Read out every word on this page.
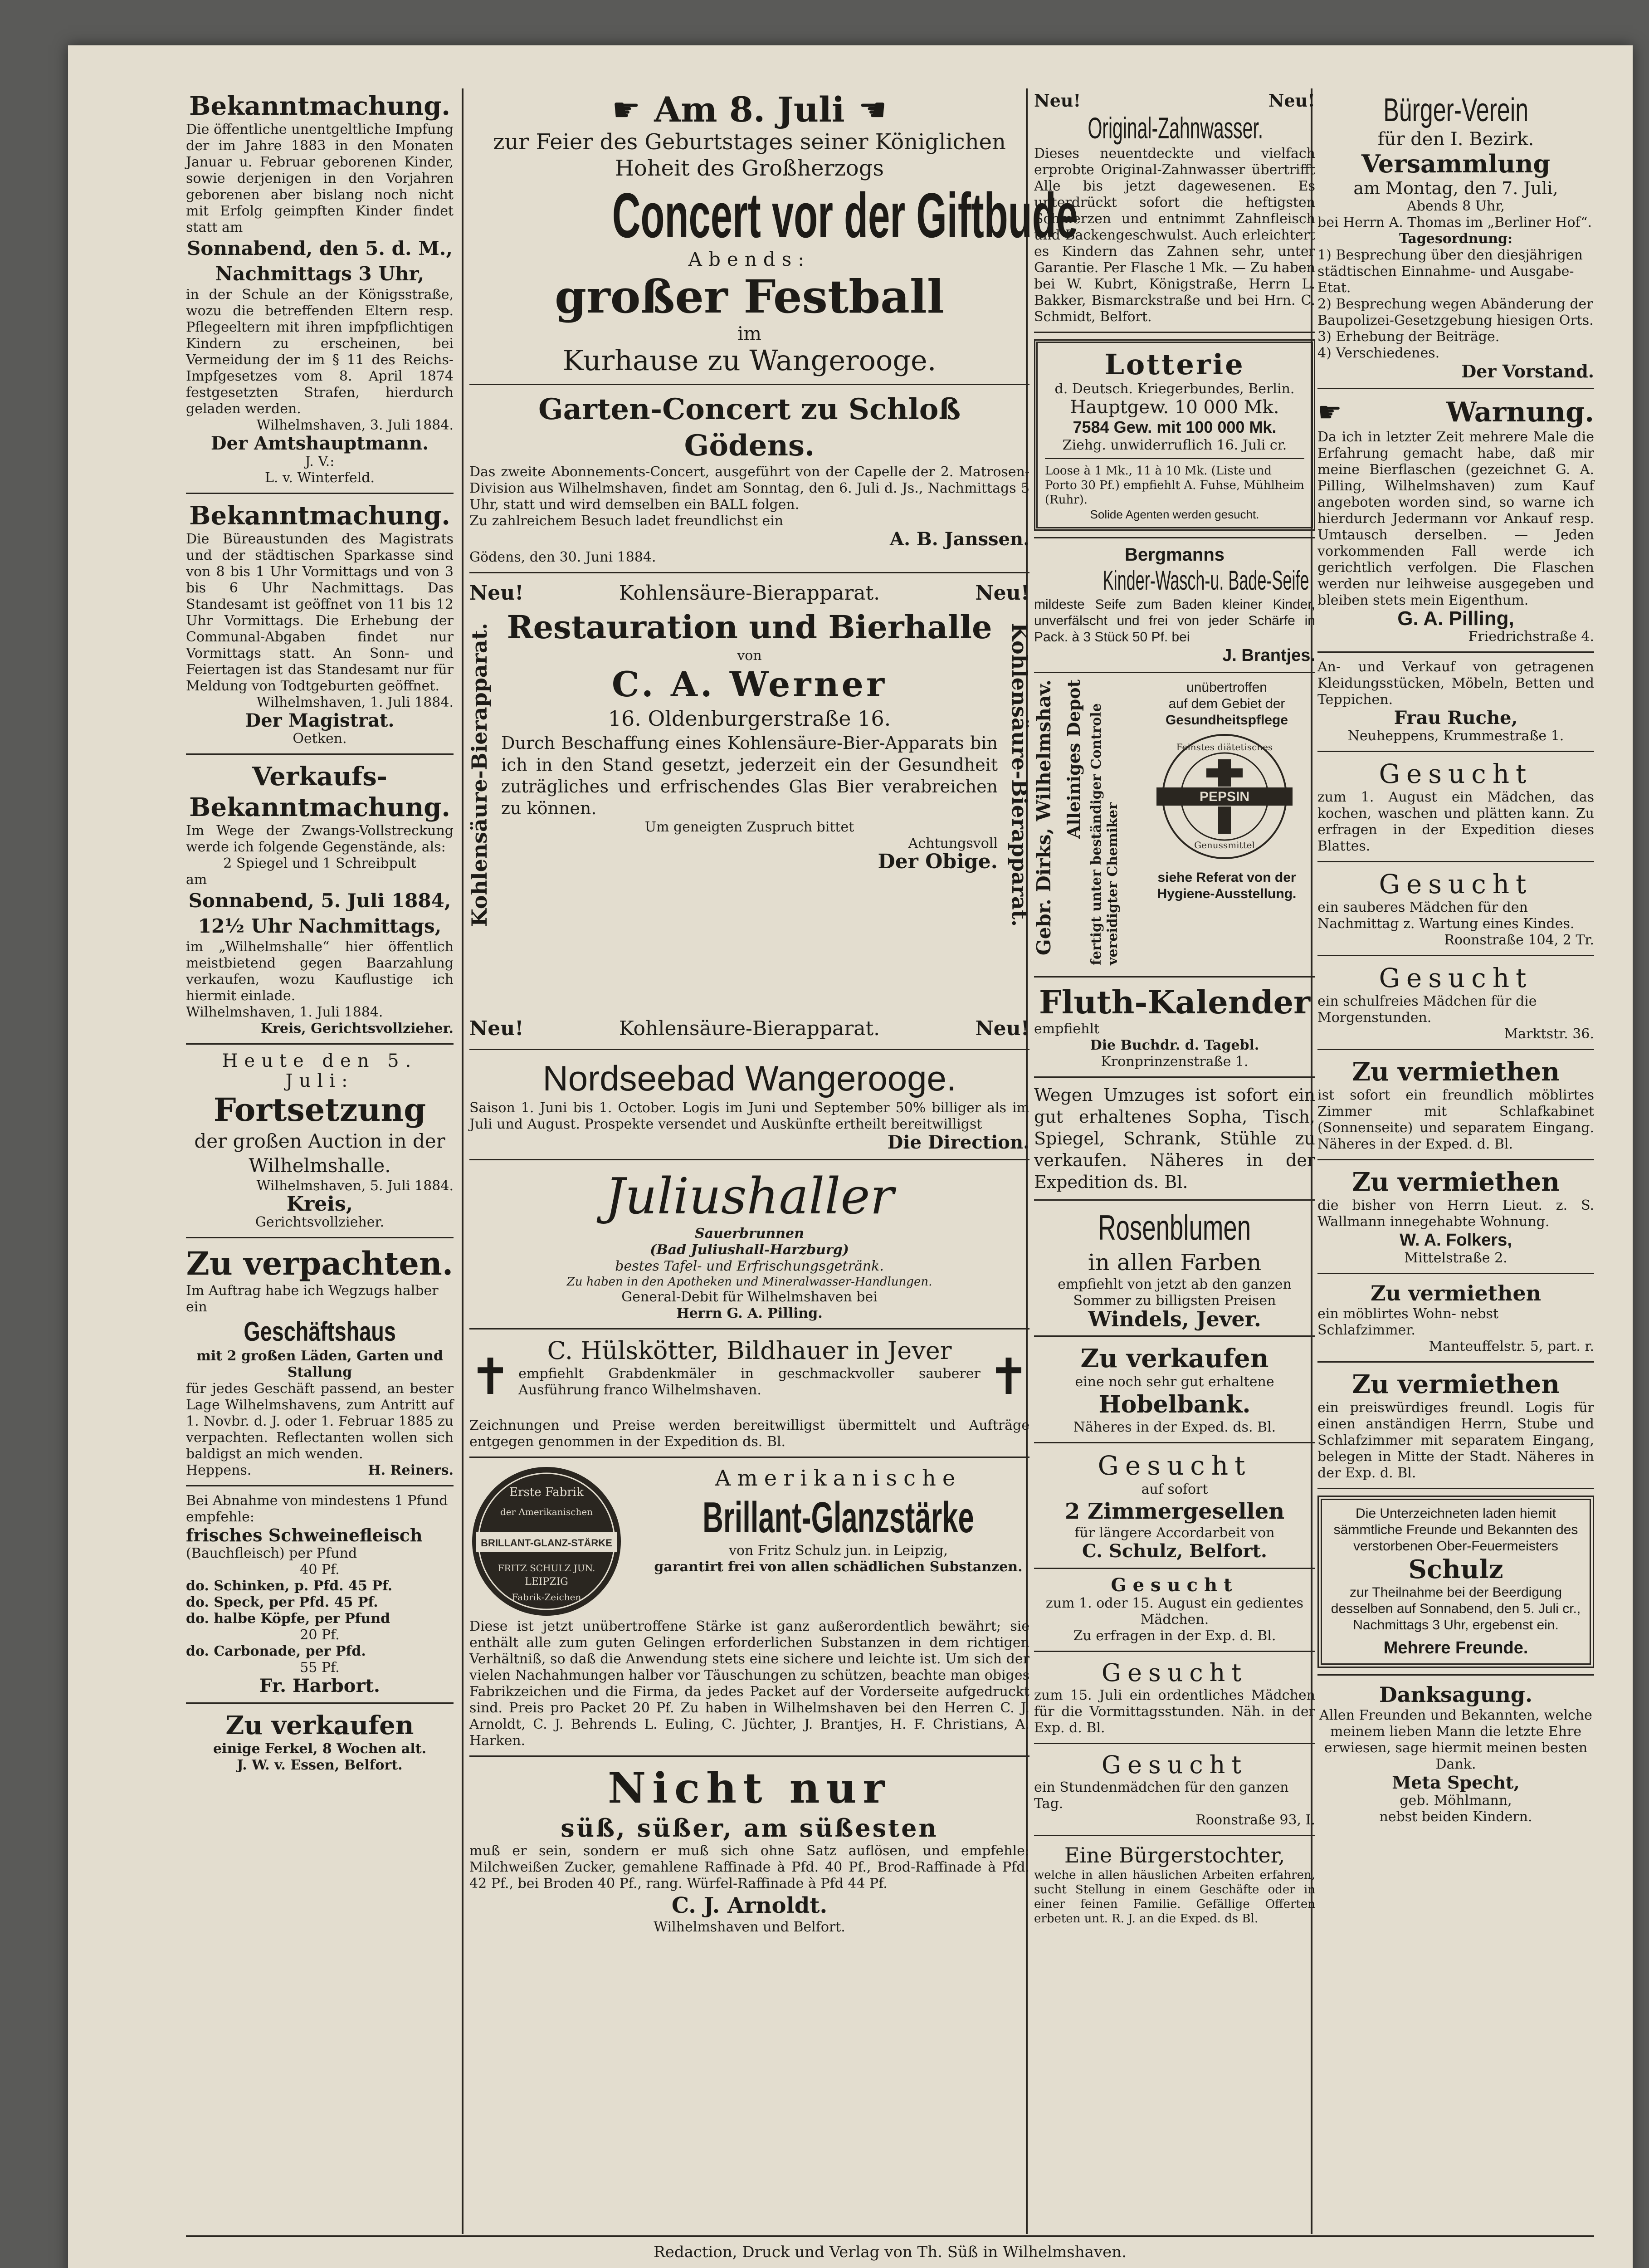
Bekanntmachung.
Die öffentliche unentgeltliche Impfung der im Jahre 1883 in den Monaten Januar u. Februar geborenen Kinder, sowie derjenigen in den Vorjahren geborenen aber bislang noch nicht mit Erfolg geimpften Kinder findet statt am
Sonnabend, den 5. d. M.,
Nachmittags 3 Uhr,
in der Schule an der Königsstraße, wozu die betreffenden Eltern resp. Pflegeeltern mit ihren impfpflichtigen Kindern zu erscheinen, bei Vermeidung der im § 11 des Reichs-Impfgesetzes vom 8. April 1874 festgesetzten Strafen, hierdurch geladen werden.
Wilhelmshaven, 3. Juli 1884.
Der Amtshauptmann.
J. V.:
L. v. Winterfeld.
Bekanntmachung.
Die Büreaustunden des Magistrats und der städtischen Sparkasse sind von 8 bis 1 Uhr Vormittags und von 3 bis 6 Uhr Nachmittags. Das Standesamt ist geöffnet von 11 bis 12 Uhr Vormittags. Die Erhebung der Communal-Abgaben findet nur Vormittags statt. An Sonn- und Feiertagen ist das Standesamt nur für Meldung von Todtgeburten geöffnet.
Wilhelmshaven, 1. Juli 1884.
Der Magistrat.
Oetken.
Verkaufs-
Bekanntmachung.
Im Wege der Zwangs-Vollstreckung werde ich folgende Gegenstände, als:
2 Spiegel und 1 Schreibpult
am
Sonnabend, 5. Juli 1884,
12½ Uhr Nachmittags,
im „Wilhelmshalle“ hier öffentlich meistbietend gegen Baarzahlung verkaufen, wozu Kauflustige ich hiermit einlade.
Wilhelmshaven, 1. Juli 1884.
Kreis, Gerichtsvollzieher.
Heute den 5. Juli:
Fortsetzung
der großen Auction in der Wilhelmshalle.
Wilhelmshaven, 5. Juli 1884.
Kreis,
Gerichtsvollzieher.
Zu verpachten.
Im Auftrag habe ich Wegzugs halber ein
Geschäftshaus
mit 2 großen Läden, Garten und Stallung
für jedes Geschäft passend, an bester Lage Wilhelmshavens, zum Antritt auf 1. Novbr. d. J. oder 1. Februar 1885 zu verpachten. Reflectanten wollen sich baldigst an mich wenden.
Heppens.	H. Reiners.
Bei Abnahme von mindestens 1 Pfund empfehle:
frisches Schweinefleisch
(Bauchfleisch) per Pfund
40 Pf.
do. Schinken, p. Pfd. 45 Pf.
do. Speck, per Pfd. 45 Pf.
do. halbe Köpfe, per Pfund
20 Pf.
do. Carbonade, per Pfd.
55 Pf.
Fr. Harbort.
Zu verkaufen
einige Ferkel, 8 Wochen alt.
J. W. v. Essen, Belfort.
☛ Am 8. Juli ☚
zur Feier des Geburtstages seiner Königlichen
Hoheit des Großherzogs
Concert vor der Giftbude
Abends:
großer Festball
im
Kurhause zu Wangerooge.
Garten-Concert zu Schloß Gödens.
Das zweite Abonnements-Concert, ausgeführt von der Capelle der 2. Matrosen-Division aus Wilhelmshaven, findet am Sonntag, den 6. Juli d. Js., Nachmittags 5 Uhr, statt und wird demselben ein BALL folgen.
Zu zahlreichem Besuch ladet freundlichst ein
A. B. Janssen.
Gödens, den 30. Juni 1884.
Neu!	Kohlensäure-Bierapparat.	Neu!
Kohlensäure-Bierapparat.	Kohlensäure-Bierapparat.
Restauration und Bierhalle
von
C. A. Werner
16. Oldenburgerstraße 16.
Durch Beschaffung eines Kohlensäure-Bier-Apparats bin ich in den Stand gesetzt, jederzeit ein der Gesundheit zuträgliches und erfrischendes Glas Bier verabreichen zu können.
Um geneigten Zuspruch bittet
Achtungsvoll
Der Obige.
Neu!	Kohlensäure-Bierapparat.	Neu!
Nordseebad Wangerooge.
Saison 1. Juni bis 1. October. Logis im Juni und September 50% billiger als im Juli und August. Prospekte versendet und Auskünfte ertheilt bereitwilligst
Die Direction.
Juliushaller
Sauerbrunnen
(Bad Juliushall-Harzburg)
bestes Tafel- und Erfrischungsgetränk.
Zu haben in den Apotheken und Mineralwasser-Handlungen.
General-Debit für Wilhelmshaven bei
Herrn G. A. Pilling.
✝	C. Hülskötter, Bildhauer in Jever
empfiehlt Grabdenkmäler in geschmackvoller sauberer Ausführung franco Wilhelmshaven.	✝
Zeichnungen und Preise werden bereitwilligst übermittelt und Aufträge entgegen genommen in der Expedition ds. Bl.
Erste Fabrik
der Amerikanischen
BRILLANT-GLANZ-STÄRKE
FRITZ SCHULZ JUN.
LEIPZIG
Fabrik-Zeichen
Amerikanische
Brillant-Glanzstärke
von Fritz Schulz jun. in Leipzig,
garantirt frei von allen schädlichen Substanzen.
Diese ist jetzt unübertroffene Stärke ist ganz außerordentlich bewährt; sie enthält alle zum guten Gelingen erforderlichen Substanzen in dem richtigen Verhältniß, so daß die Anwendung stets eine sichere und leichte ist. Um sich der vielen Nachahmungen halber vor Täuschungen zu schützen, beachte man obiges Fabrikzeichen und die Firma, da jedes Packet auf der Vorderseite aufgedruckt sind. Preis pro Packet 20 Pf. Zu haben in Wilhelmshaven bei den Herren C. J. Arnoldt, C. J. Behrends L. Euling, C. Jüchter, J. Brantjes, H. F. Christians, A. Harken.
Nicht nur
süß, süßer, am süßesten
muß er sein, sondern er muß sich ohne Satz auflösen, und empfehle: Milchweißen Zucker, gemahlene Raffinade à Pfd. 40 Pf., Brod-Raffinade à Pfd. 42 Pf., bei Broden 40 Pf., rang. Würfel-Raffinade à Pfd 44 Pf.
C. J. Arnoldt.
Wilhelmshaven und Belfort.
Neu!	Neu!
Original-Zahnwasser.
Dieses neuentdeckte und vielfach erprobte Original-Zahnwasser übertrifft Alle bis jetzt dagewesenen. Es unterdrückt sofort die heftigsten Schmerzen und entnimmt Zahnfleisch und Backengeschwulst. Auch erleichtert es Kindern das Zahnen sehr, unter Garantie. Per Flasche 1 Mk. — Zu haben bei W. Kubrt, Königstraße, Herrn L. Bakker, Bismarckstraße und bei Hrn. C. Schmidt, Belfort.
Lotterie
d. Deutsch. Kriegerbundes, Berlin.
Hauptgew. 10 000 Mk.
7584 Gew. mit 100 000 Mk.
Ziehg. unwiderruflich 16. Juli cr.
Loose à 1 Mk., 11 à 10 Mk. (Liste und Porto 30 Pf.) empfiehlt A. Fuhse, Mühlheim (Ruhr).
Solide Agenten werden gesucht.
Bergmanns
Kinder-Wasch-u. Bade-Seife
mildeste Seife zum Baden kleiner Kinder, unverfälscht und frei von jeder Schärfe in Pack. à 3 Stück 50 Pf. bei
J. Brantjes.
Gebr. Dirks, Wilhelmshav. Alleiniges Depot fertigt unter beständiger Controle vereidigter Chemiker
unübertroffen
auf dem Gebiet der
Gesundheitspflege
PEPSIN
Feinstes diätetisches
Genussmittel
siehe Referat von der Hygiene-Ausstellung.
Fluth-Kalender
empfiehlt
Die Buchdr. d. Tagebl.
Kronprinzenstraße 1.
Wegen Umzuges ist sofort ein gut erhaltenes Sopha, Tisch, Spiegel, Schrank, Stühle zu verkaufen. Näheres in der Expedition ds. Bl.
Rosenblumen
in allen Farben
empfiehlt von jetzt ab den ganzen Sommer zu billigsten Preisen
Windels, Jever.
Zu verkaufen
eine noch sehr gut erhaltene
Hobelbank.
Näheres in der Exped. ds. Bl.
Gesucht
auf sofort
2 Zimmergesellen
für längere Accordarbeit von
C. Schulz, Belfort.
Gesucht
zum 1. oder 15. August ein gedientes Mädchen.
Zu erfragen in der Exp. d. Bl.
Gesucht
zum 15. Juli ein ordentliches Mädchen für die Vormittagsstunden. Näh. in der Exp. d. Bl.
Gesucht
ein Stundenmädchen für den ganzen Tag.
Roonstraße 93, I.
Eine Bürgerstochter,
welche in allen häuslichen Arbeiten erfahren, sucht Stellung in einem Geschäfte oder in einer feinen Familie. Gefällige Offerten erbeten unt. R. J. an die Exped. ds Bl.
Bürger-Verein
für den I. Bezirk.
Versammlung
am Montag, den 7. Juli,
Abends 8 Uhr,
bei Herrn A. Thomas im „Berliner Hof“.
Tagesordnung:
1) Besprechung über den diesjährigen städtischen Einnahme- und Ausgabe-Etat.
2) Besprechung wegen Abänderung der Baupolizei-Gesetzgebung hiesigen Orts.
3) Erhebung der Beiträge.
4) Verschiedenes.
Der Vorstand.
☛	Warnung.
Da ich in letzter Zeit mehrere Male die Erfahrung gemacht habe, daß mir meine Bierflaschen (gezeichnet G. A. Pilling, Wilhelmshaven) zum Kauf angeboten worden sind, so warne ich hierdurch Jedermann vor Ankauf resp. Umtausch derselben. — Jeden vorkommenden Fall werde ich gerichtlich verfolgen. Die Flaschen werden nur leihweise ausgegeben und bleiben stets mein Eigenthum.
G. A. Pilling,
Friedrichstraße 4.
An- und Verkauf von getragenen Kleidungsstücken, Möbeln, Betten und Teppichen.
Frau Ruche,
Neuheppens, Krummestraße 1.
Gesucht
zum 1. August ein Mädchen, das kochen, waschen und plätten kann. Zu erfragen in der Expedition dieses Blattes.
Gesucht
ein sauberes Mädchen für den Nachmittag z. Wartung eines Kindes.
Roonstraße 104, 2 Tr.
Gesucht
ein schulfreies Mädchen für die Morgenstunden.
Marktstr. 36.
Zu vermiethen
ist sofort ein freundlich möblirtes Zimmer mit Schlafkabinet (Sonnenseite) und separatem Eingang. Näheres in der Exped. d. Bl.
Zu vermiethen
die bisher von Herrn Lieut. z. S. Wallmann innegehabte Wohnung.
W. A. Folkers,
Mittelstraße 2.
Zu vermiethen
ein möblirtes Wohn- nebst Schlafzimmer.
Manteuffelstr. 5, part. r.
Zu vermiethen
ein preiswürdiges freundl. Logis für einen anständigen Herrn, Stube und Schlafzimmer mit separatem Eingang, belegen in Mitte der Stadt. Näheres in der Exp. d. Bl.
Die Unterzeichneten laden hiemit sämmtliche Freunde und Bekannten des verstorbenen Ober-Feuermeisters
Schulz
zur Theilnahme bei der Beerdigung desselben auf Sonnabend, den 5. Juli cr., Nachmittags 3 Uhr, ergebenst ein.
Mehrere Freunde.
Danksagung.
Allen Freunden und Bekannten, welche meinem lieben Mann die letzte Ehre erwiesen, sage hiermit meinen besten Dank.
Meta Specht,
geb. Möhlmann,
nebst beiden Kindern.
Redaction, Druck und Verlag von Th. Süß in Wilhelmshaven.
